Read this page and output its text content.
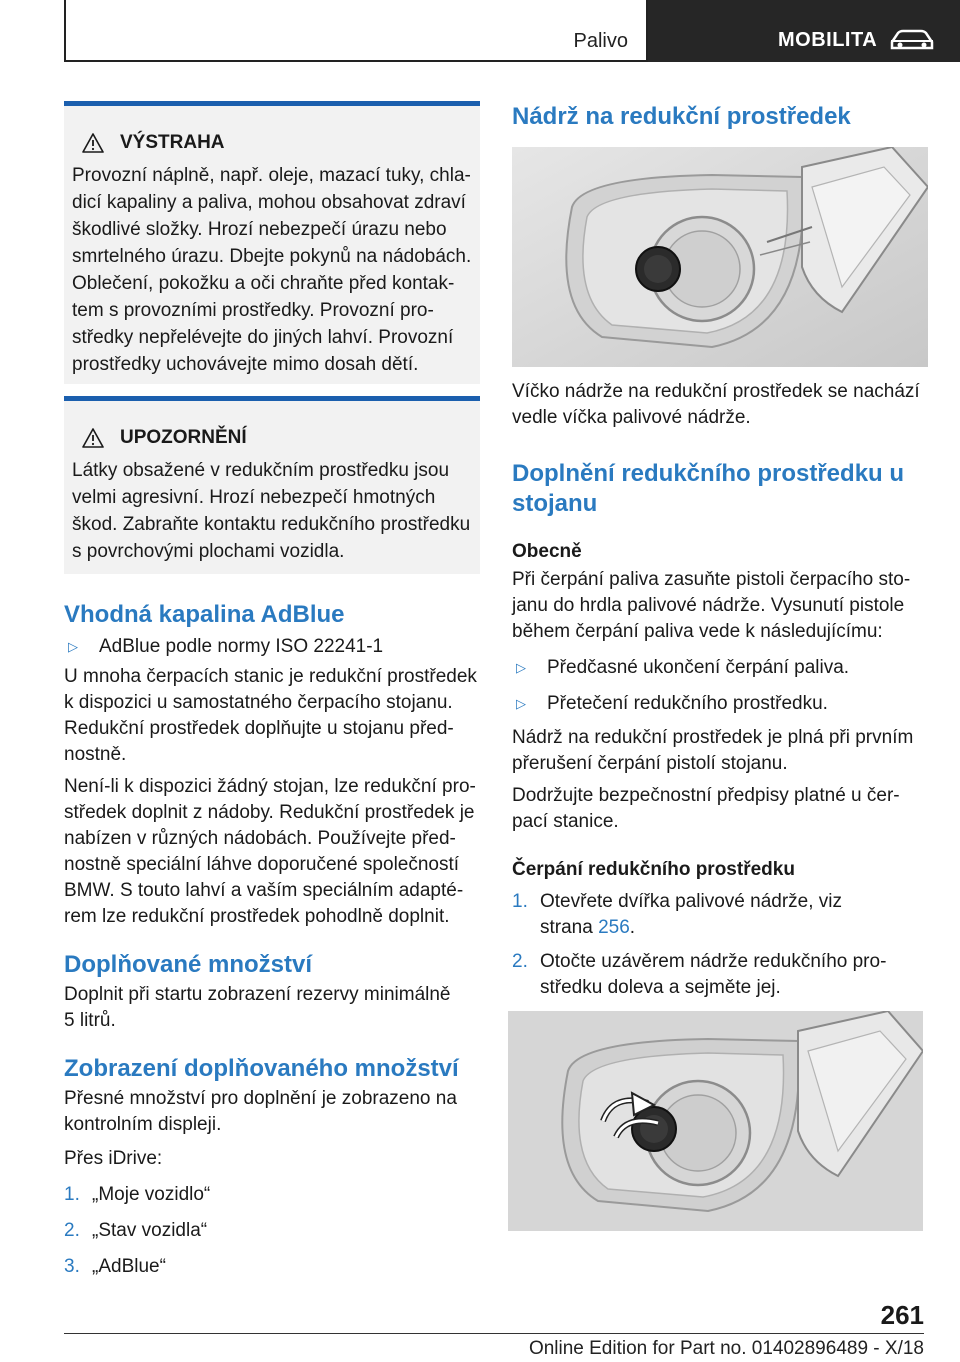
Palivo	MOBILITA
VÝSTRAHA
Provozní náplně, např. oleje, mazací tuky, chla-
dicí kapaliny a paliva, mohou obsahovat zdraví
škodlivé složky. Hrozí nebezpečí úrazu nebo
smrtelného úrazu. Dbejte pokynů na nádobách.
Oblečení, pokožku a oči chraňte před kontak-
tem s provozními prostředky. Provozní pro-
středky nepřelévejte do jiných lahví. Provozní
prostředky uchovávejte mimo dosah dětí.
UPOZORNĚNÍ
Látky obsažené v redukčním prostředku jsou
velmi agresivní. Hrozí nebezpečí hmotných
škod. Zabraňte kontaktu redukčního prostředku
s povrchovými plochami vozidla.
Vhodná kapalina AdBlue
▷	AdBlue podle normy ISO 22241-1

U mnoha čerpacích stanic je redukční prostředek
k dispozici u samostatného čerpacího stojanu.
Redukční prostředek doplňujte u stojanu před-
nostně.

Není-li k dispozici žádný stojan, lze redukční pro-
středek doplnit z nádoby. Redukční prostředek je
nabízen v různých nádobách. Používejte před-
nostně speciální láhve doporučené společností
BMW. S touto lahví a vaším speciálním adapté-
rem lze redukční prostředek pohodlně doplnit.

Doplňované množství

Doplnit při startu zobrazení rezervy minimálně
5 litrů.

Zobrazení doplňovaného množství

Přesné množství pro doplnění je zobrazeno na
kontrolním displeji.

Přes iDrive:

1. „Moje vozidlo“
2. „Stav vozidla“
3. „AdBlue“
Nádrž na redukční prostředek

Víčko nádrže na redukční prostředek se nachází
vedle víčka palivové nádrže.

Doplnění redukčního prostředku u
stojanu
Obecně

Při čerpání paliva zasuňte pistoli čerpacího sto-
janu do hrdla palivové nádrže. Vysunutí pistole
během čerpání paliva vede k následujícímu:

▷	Předčasné ukončení čerpání paliva.
▷	Přetečení redukčního prostředku.

Nádrž na redukční prostředek je plná při prvním
přerušení čerpání pistolí stojanu.

Dodržujte bezpečnostní předpisy platné u čer-
pací stanice.

Čerpání redukčního prostředku
1. Otevřete dvířka palivové nádrže, viz
strana 256.
2. Otočte uzávěrem nádrže redukčního pro-
středku doleva a sejměte jej.
261
Online Edition for Part no. 01402896489 - X/18
